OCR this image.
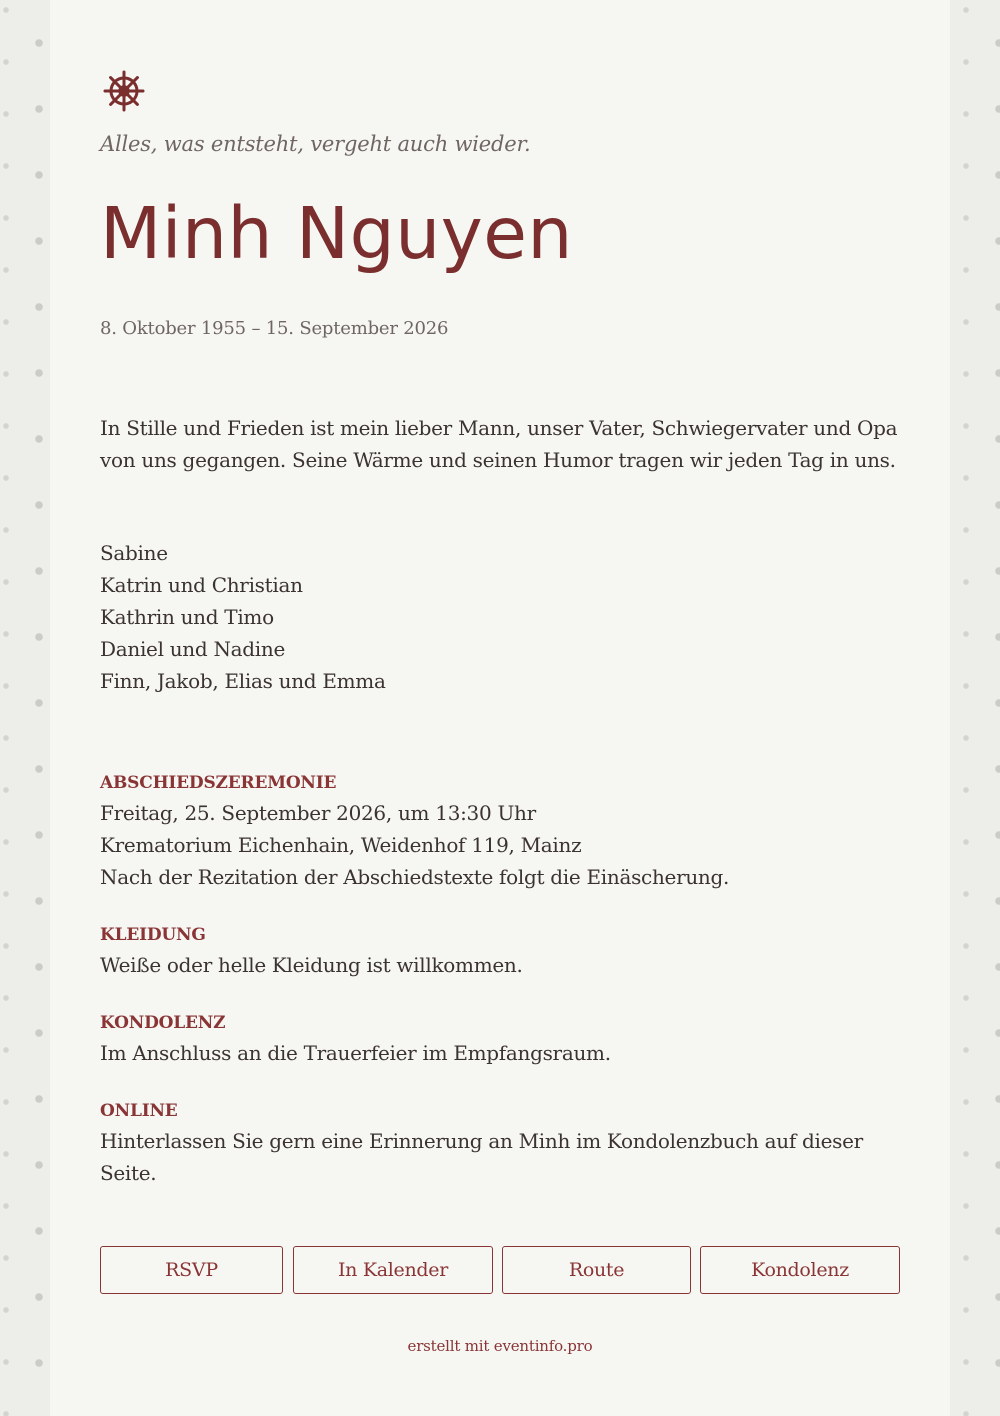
Alles, was entsteht, vergeht auch wieder.

Minh Nguyen

8. Oktober 1955 – 15. September 2026

In Stille und Frieden ist mein lieber Mann, unser Vater, Schwiegervater und Opa von uns gegangen. Seine Wärme und seinen Humor tragen wir jeden Tag in uns.

Sabine
Katrin und Christian
Kathrin und Timo
Daniel und Nadine
Finn, Jakob, Elias und Emma

ABSCHIEDSZEREMONIE

Freitag, 25. September 2026, um 13:30 Uhr

Krematorium Eichenhain, Weidenhof 119, Mainz

Nach der Rezitation der Abschiedstexte folgt die Einäscherung.

KLEIDUNG

Weiße oder helle Kleidung ist willkommen.

KONDOLENZ

Im Anschluss an die Trauerfeier im Empfangsraum.

ONLINE

Hinterlassen Sie gern eine Erinnerung an Minh im Kondolenzbuch auf dieser Seite.

RSVP	In Kalender	Route	Kondolenz

erstellt mit eventinfo.pro
